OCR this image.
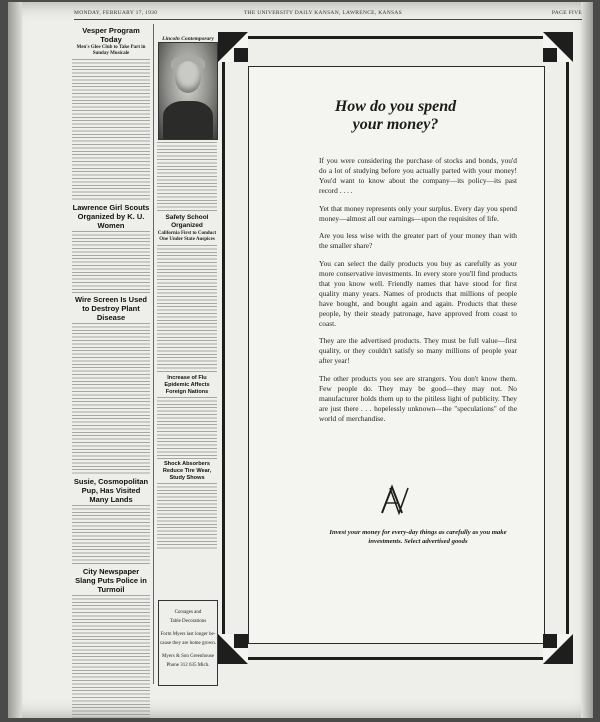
MONDAY, FEBRUARY 17, 1930	THE UNIVERSITY DAILY KANSAN, LAWRENCE, KANSAS	PAGE FIVE
Vesper Program Today
Men's Glee Club to Take Part in Sunday Musicale
Lawrence Girl Scouts Organized by K. U. Women
Wire Screen Is Used to Destroy Plant Disease
Susie, Cosmopolitan Pup, Has Visited Many Lands
City Newspaper Slang Puts Police in Turmoil
Lincoln Contemporary
Safety School Organized
California First to Conduct One Under State Auspices
Increase of Flu Epidemic Affects Foreign Nations
Shock Absorbers Reduce Tire Wear, Study Shows
Corsages and
Table Decorations
Form Myers last longer be-
cause they are home grown.
Myers & Son Greenhouse
Phone 312 635 Mich.
How do you spend
your money?

If you were considering the purchase of stocks and bonds, you'd do a lot of studying before you actually parted with your money! You'd want to know about the company—its policy—its past record . . . .

Yet that money represents only your surplus. Every day you spend money—almost all our earnings—upon the requisites of life.

Are you less wise with the greater part of your money than with the smaller share?

You can select the daily products you buy as carefully as your more conservative investments. In every store you'll find products that you know well. Friendly names that have stood for first quality many years. Names of products that millions of people have bought, and bought again and again. Products that these people, by their steady patronage, have approved from coast to coast.

They are the advertised products. They must be full value—first quality, or they couldn't satisfy so many millions of people year after year!

The other products you see are strangers. You don't know them. Few people do. They may be good—they may not. No manufacturer holds them up to the pitiless light of publicity. They are just there . . . hopelessly unknown—the "speculations" of the world of merchandise.

Invest your money for every-day things as carefully as you make investments. Select advertised goods
